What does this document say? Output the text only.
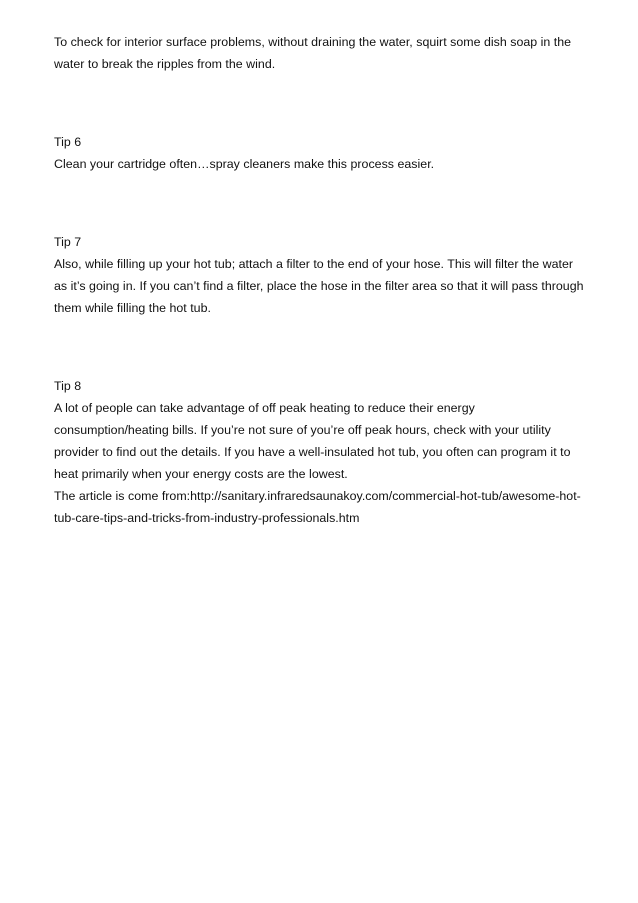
To check for interior surface problems, without draining the water, squirt some dish soap in the water to break the ripples from the wind.

Tip 6

Clean your cartridge often…spray cleaners make this process easier.

Tip 7

Also, while filling up your hot tub; attach a filter to the end of your hose. This will filter the water as it’s going in. If you can’t find a filter, place the hose in the filter area so that it will pass through them while filling the hot tub.

Tip 8

A lot of people can take advantage of off peak heating to reduce their energy consumption/heating bills. If you’re not sure of you’re off peak hours, check with your utility provider to find out the details. If you have a well-insulated hot tub, you often can program it to heat primarily when your energy costs are the lowest.

The article is come from:http://sanitary.infraredsaunakoy.com/commercial-hot-tub/awesome-hot-tub-care-tips-and-tricks-from-industry-professionals.htm
